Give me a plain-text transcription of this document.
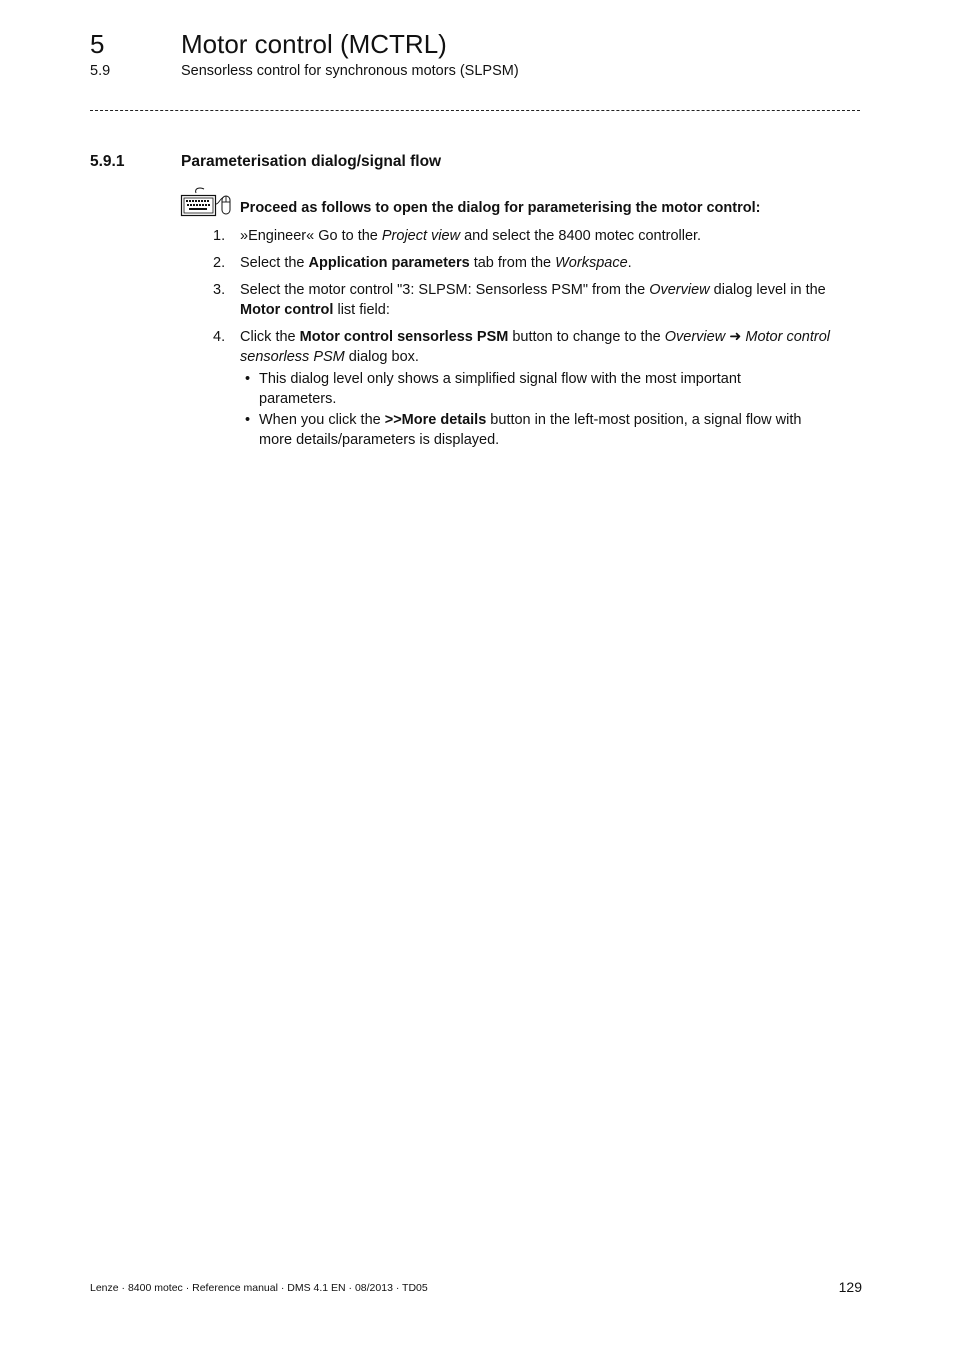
5	Motor control (MCTRL)
5.9	Sensorless control for synchronous motors (SLPSM)
5.9.1	Parameterisation dialog/signal flow
Proceed as follows to open the dialog for parameterising the motor control:
1. »Engineer« Go to the Project view and select the 8400 motec controller.
2. Select the Application parameters tab from the Workspace.
3. Select the motor control "3: SLPSM: Sensorless PSM" from the Overview dialog level in the
Motor control list field:
4. Click the Motor control sensorless PSM button to change to the Overview ➜ Motor control
sensorless PSM dialog box.
• This dialog level only shows a simplified signal flow with the most important
parameters.
• When you click the >>More details button in the left-most position, a signal flow with
more details/parameters is displayed.
Lenze · 8400 motec · Reference manual · DMS 4.1 EN · 08/2013 · TD05	129
